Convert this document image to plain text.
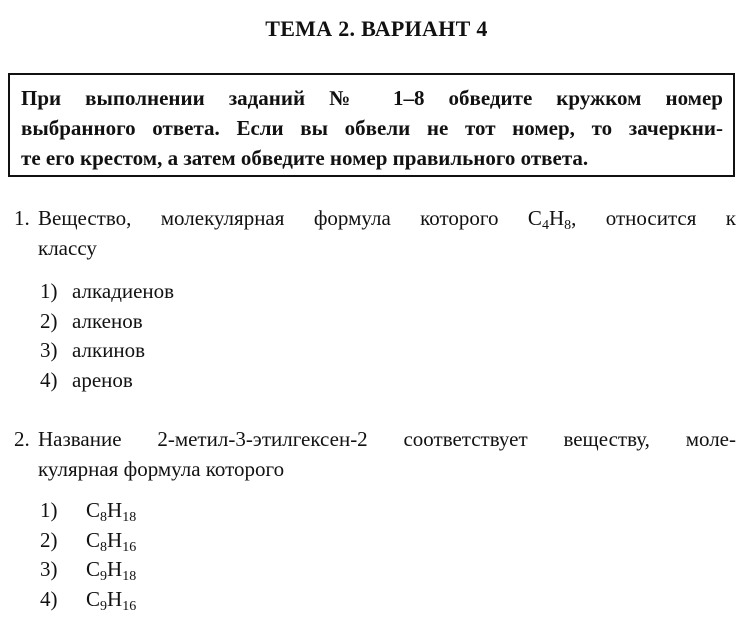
ТЕМА 2. ВАРИАНТ 4
При выполнении заданий № 1–8 обведите кружком номер
выбранного ответа. Если вы обвели не тот номер, то зачеркни-
те его крестом, а затем обведите номер правильного ответа.
1. Вещество, молекулярная формула которого $C_4H_8$, относится к
классу
1) алкадиенов
2) алкенов
3) алкинов
4) аренов
2. Название 2-метил-3-этилгексен-2 соответствует веществу, моле-
кулярная формула которого
1)	$C_8H_{18}$
2)	$C_8H_{16}$
3)	$C_9H_{18}$
4)	$C_9H_{16}$
